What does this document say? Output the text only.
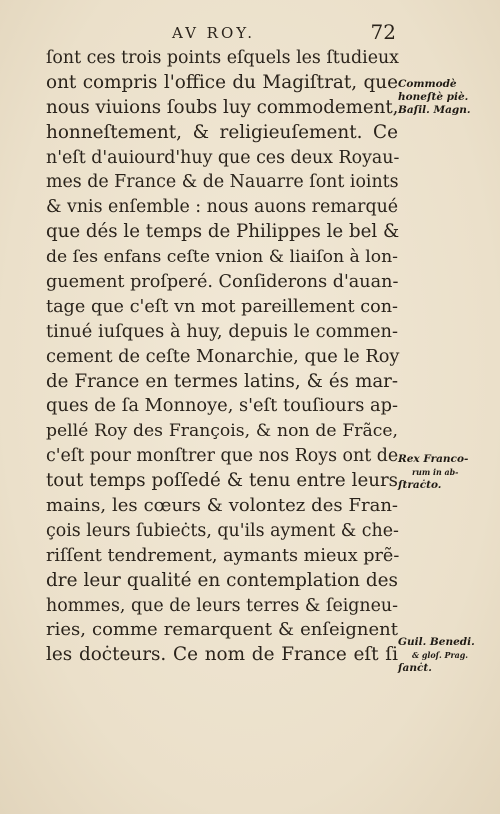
AV ROY.	72
ſont ces trois points eſquels les ſtudieux
ont compris l'office du Magiſtrat, que
nous viuions ſoubs luy commodement,
honneſtement, & religieuſement. Ce
n'eſt d'auiourd'huy que ces deux Royau-
mes de France & de Nauarre ſont ioints
& vnis enſemble : nous auons remarqué
que dés le temps de Philippes le bel &
de ſes enfans ceſte vnion & liaiſon à lon-
guement proſperé. Conſiderons d'auan-
tage que c'eſt vn mot pareillement con-
tinué iuſques à huy, depuis le commen-
cement de ceſte Monarchie, que le Roy
de France en termes latins, & és mar-
ques de ſa Monnoye, s'eſt touſiours ap-
pellé Roy des François, & non de Frãce,
c'eſt pour monſtrer que nos Roys ont de
tout temps poſſedé & tenu entre leurs
mains, les cœurs & volontez des Fran-
çois leurs ſubieċts, qu'ils ayment & che-
riſſent tendrement, aymants mieux prẽ-
dre leur qualité en contemplation des
hommes, que de leurs terres & ſeigneu-
ries, comme remarquent & enſeignent
les doċteurs. Ce nom de France eſt ſi
Commodè
honeſtè piè.
Baſil. Magn.
Rex Franco-
rum in ab-
ſtraċto.
Guil. Benedi.
& gloſ. Prag.
ſanċt.
